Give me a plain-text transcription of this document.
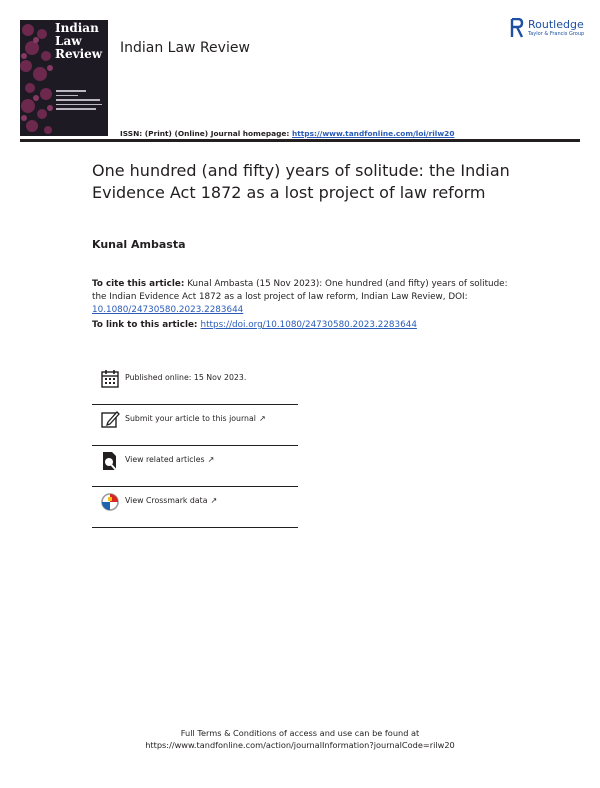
Indian
Law
Review	Indian Law Review
Routledge
Taylor & Francis Group
ISSN: (Print) (Online) Journal homepage: https://www.tandfonline.com/loi/rilw20
One hundred (and fifty) years of solitude: the Indian Evidence Act 1872 as a lost project of law reform
Kunal Ambasta
To cite this article: Kunal Ambasta (15 Nov 2023): One hundred (and fifty) years of solitude: the Indian Evidence Act 1872 as a lost project of law reform, Indian Law Review, DOI: 10.1080/24730580.2023.2283644
To link to this article: https://doi.org/10.1080/24730580.2023.2283644
Published online: 15 Nov 2023.
Submit your article to this journal ↗
View related articles ↗
View Crossmark data ↗
Full Terms & Conditions of access and use can be found at
https://www.tandfonline.com/action/journalInformation?journalCode=rilw20
